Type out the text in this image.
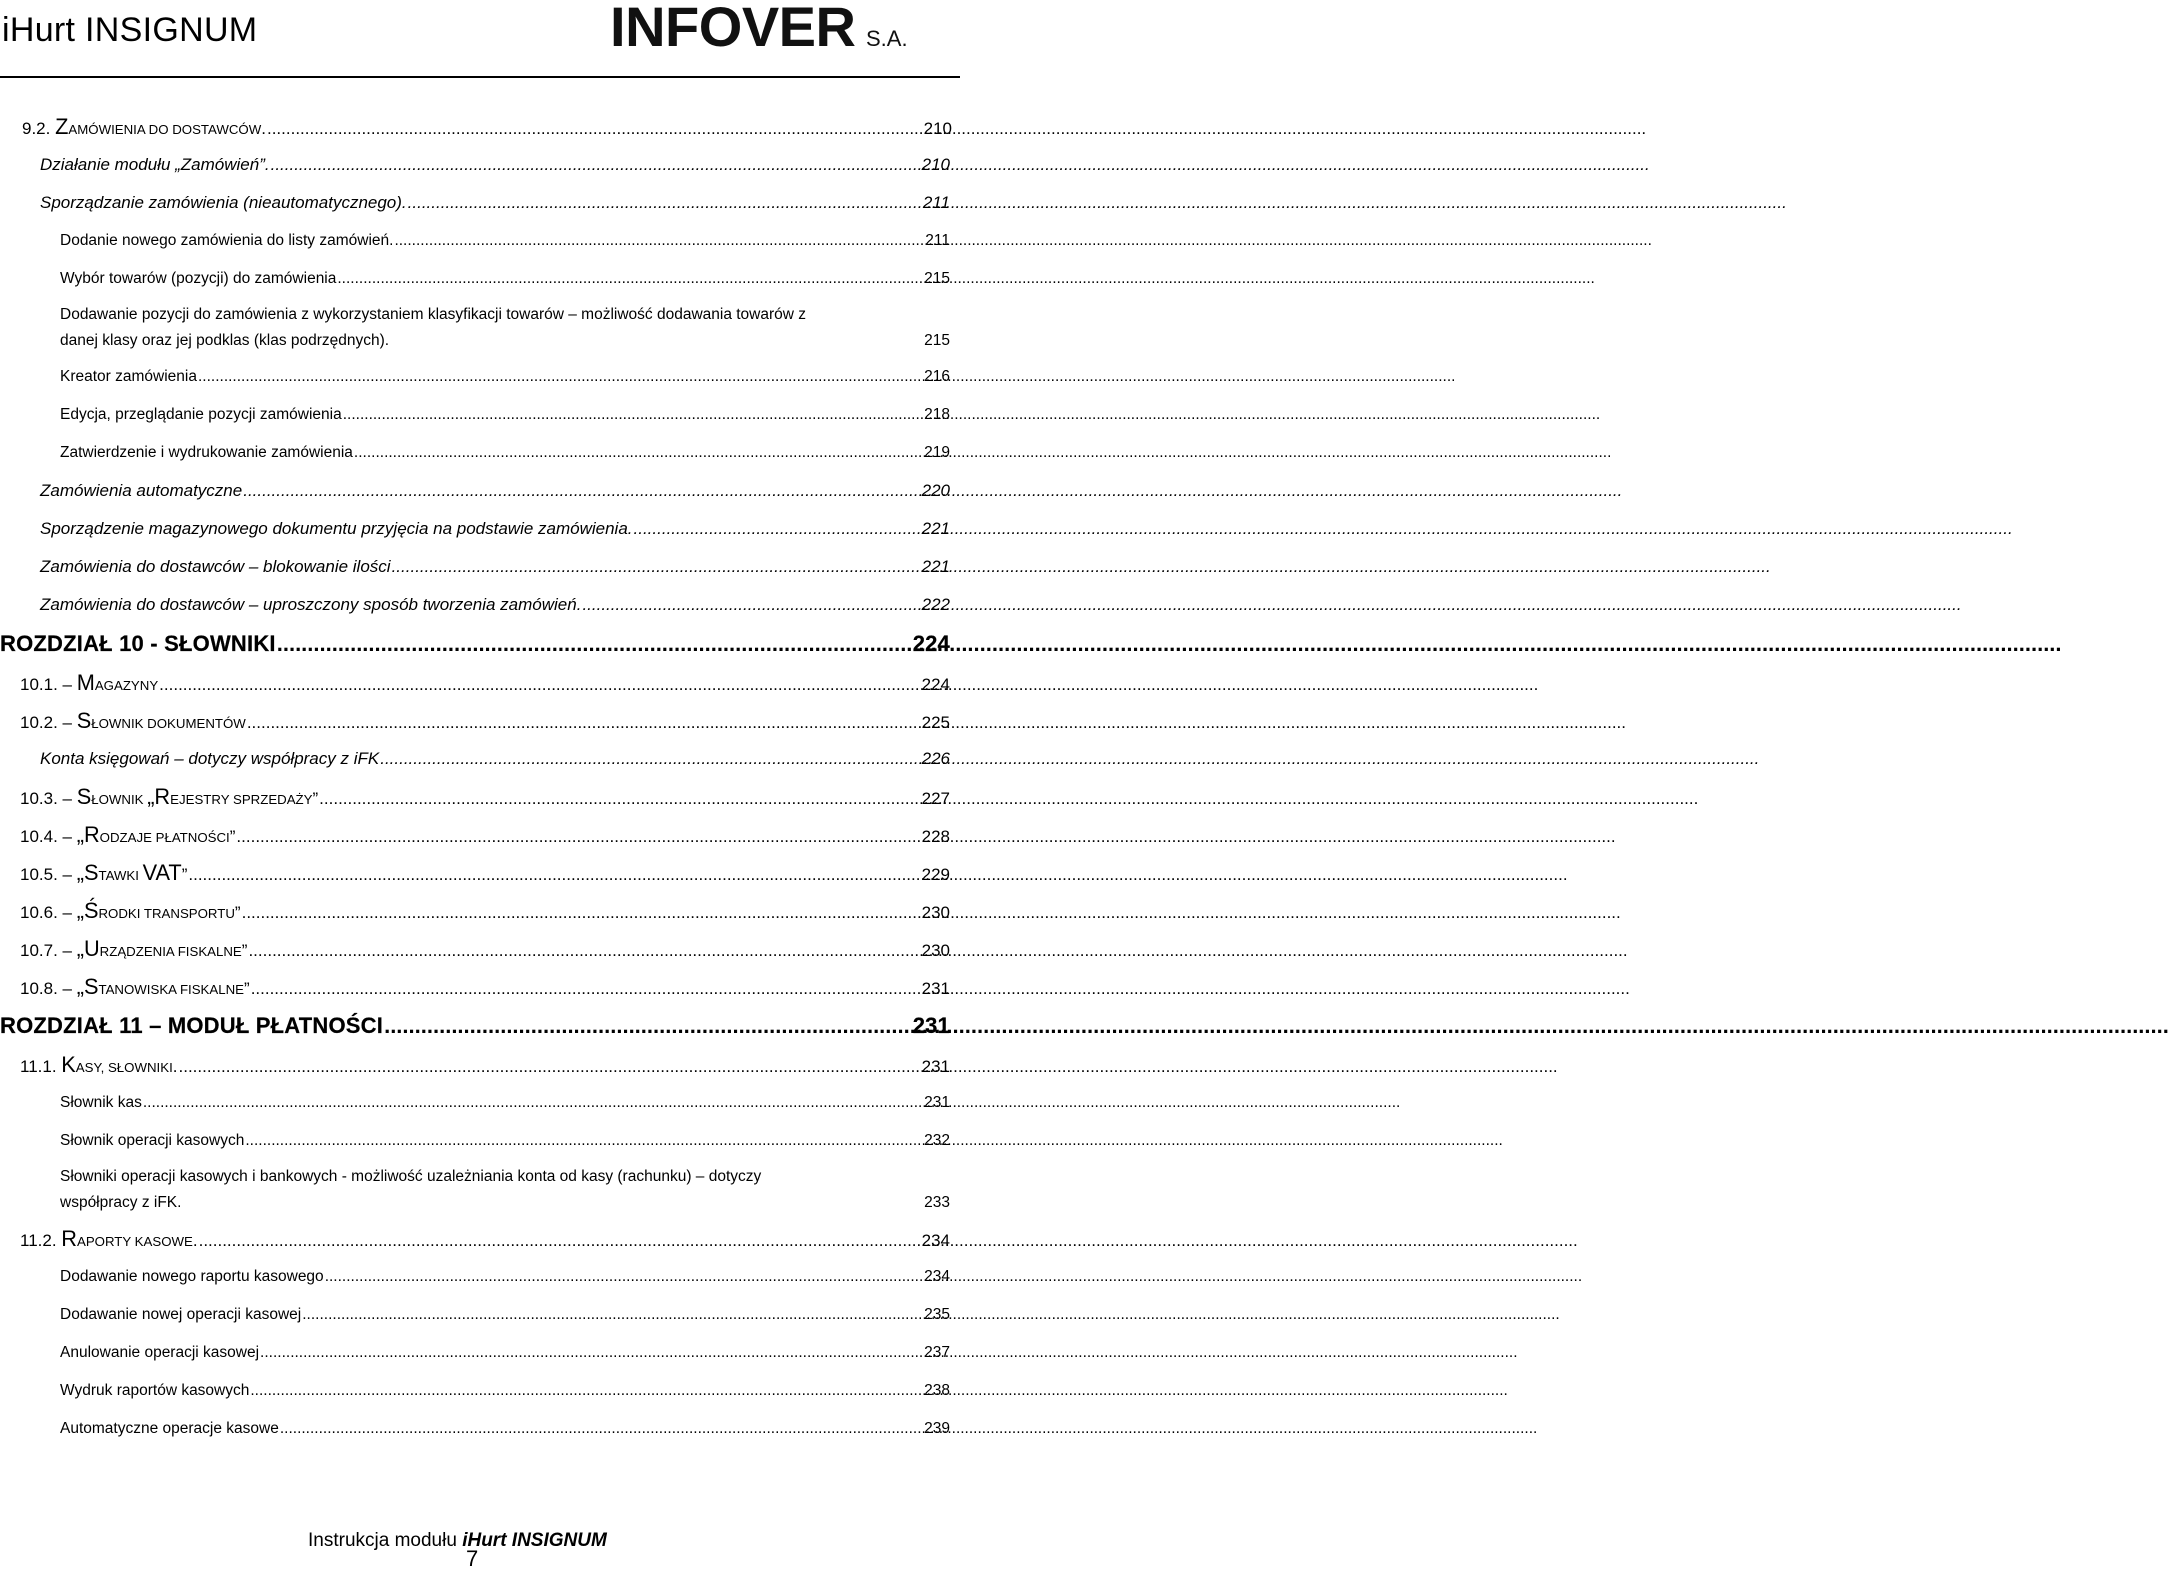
iHurt INSIGNUM	INFOVER S.A.
9.2. ZAMÓWIENIA DO DOSTAWCÓW. .....	210
Działanie modułu „Zamówień”. .....	210
Sporządzanie zamówienia (nieautomatycznego). .....	211
Dodanie nowego zamówienia do listy zamówień. .....	211
Wybór towarów (pozycji) do zamówienia .....	215
Dodawanie pozycji do zamówienia z wykorzystaniem klasyfikacji towarów – możliwość dodawania towarów z
danej klasy oraz jej podklas (klas podrzędnych).	215
Kreator zamówienia .....	216
Edycja, przeglądanie pozycji zamówienia .....	218
Zatwierdzenie i wydrukowanie zamówienia .....	219
Zamówienia automatyczne .....	220
Sporządzenie magazynowego dokumentu przyjęcia na podstawie zamówienia. .....	221
Zamówienia do dostawców – blokowanie ilości .....	221
Zamówienia do dostawców – uproszczony sposób tworzenia zamówień. .....	222
ROZDZIAŁ 10 - SŁOWNIKI .....	224
10.1. – MAGAZYNY .....	224
10.2. – SŁOWNIK DOKUMENTÓW .....	225
Konta księgowań – dotyczy współpracy z iFK .....	226
10.3. – SŁOWNIK „REJESTRY SPRZEDAŻY” .....	227
10.4. – „RODZAJE PŁATNOŚCI” .....	228
10.5. – „STAWKI VAT” .....	229
10.6. – „ŚRODKI TRANSPORTU” .....	230
10.7. – „URZĄDZENIA FISKALNE” .....	230
10.8. – „STANOWISKA FISKALNE” .....	231
ROZDZIAŁ 11 – MODUŁ PŁATNOŚCI .....	231
11.1. KASY, SŁOWNIKI. .....	231
Słownik kas .....	231
Słownik operacji kasowych .....	232
Słowniki operacji kasowych i bankowych - możliwość uzależniania konta od kasy (rachunku) – dotyczy
współpracy z iFK.	233
11.2. RAPORTY KASOWE. .....	234
Dodawanie nowego raportu kasowego .....	234
Dodawanie nowej operacji kasowej .....	235
Anulowanie operacji kasowej .....	237
Wydruk raportów kasowych .....	238
Automatyczne operacje kasowe .....	239
Instrukcja modułu iHurt INSIGNUM
7
